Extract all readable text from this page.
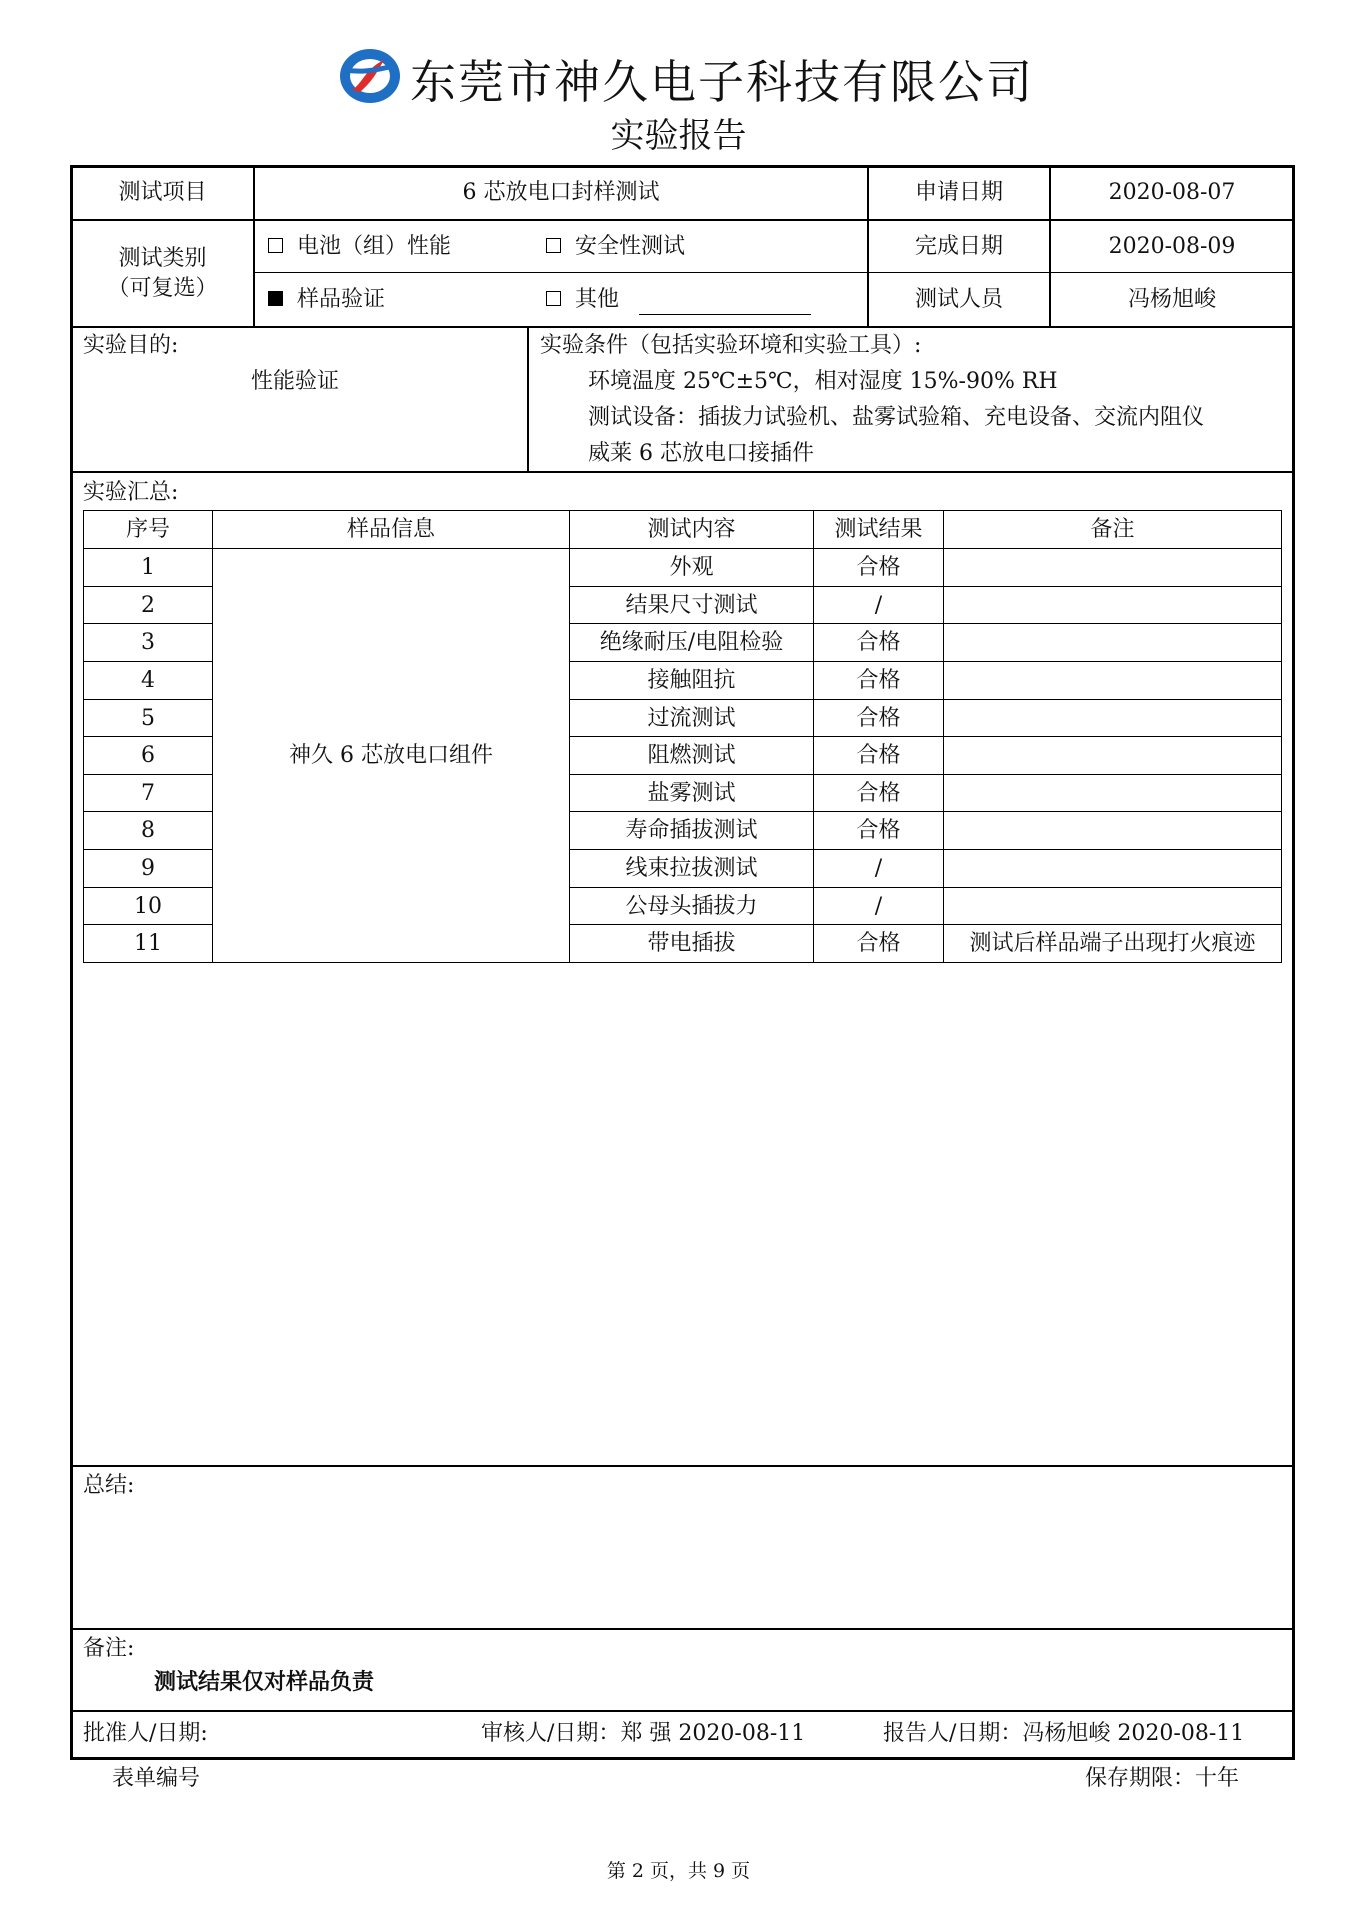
东莞市神久电子科技有限公司
实验报告
测试项目	6 芯放电口封样测试	申请日期	2020-08-07
测试类别
（可复选）
电池（组）性能	安全性测试
样品验证	其他
完成日期	2020-08-09
测试人员	冯杨旭峻
实验目的:
性能验证
实验条件（包括实验环境和实验工具）:
环境温度 25℃±5℃，相对湿度 15%-90% RH
测试设备：插拔力试验机、盐雾试验箱、充电设备、交流内阻仪
威莱 6 芯放电口接插件
实验汇总:
序号	样品信息	测试内容	测试结果	备注
神久 6 芯放电口组件
1	外观	合格
2	结果尺寸测试	/
3	绝缘耐压/电阻检验	合格
4	接触阻抗	合格
5	过流测试	合格
6	阻燃测试	合格
7	盐雾测试	合格
8	寿命插拔测试	合格
9	线束拉拔测试	/
10	公母头插拔力	/
11	带电插拔	合格	测试后样品端子出现打火痕迹
总结:
备注:
测试结果仅对样品负责
批准人/日期:	审核人/日期：郑 强 2020-08-11	报告人/日期：冯杨旭峻 2020-08-11
表单编号	保存期限：十年
第 2 页，共 9 页
